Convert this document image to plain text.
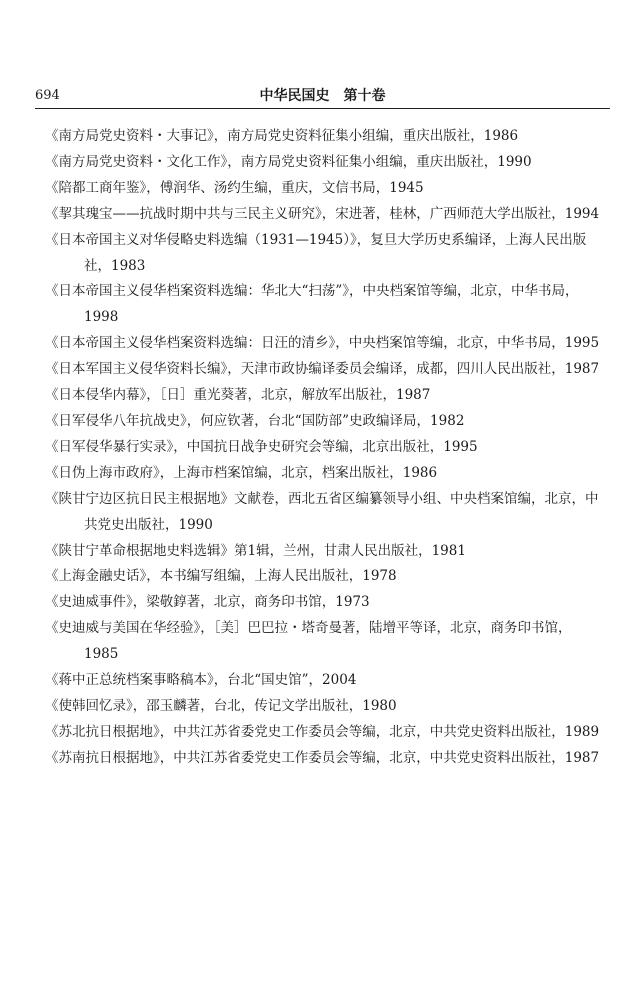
694	中华民国史　第十卷

《南方局党史资料・大事记》，南方局党史资料征集小组编，重庆出版社，1986

《南方局党史资料・文化工作》，南方局党史资料征集小组编，重庆出版社，1990

《陪都工商年鉴》，傅润华、汤约生编，重庆，文信书局，1945

《挈其瑰宝——抗战时期中共与三民主义研究》，宋进著，桂林，广西师范大学出版社，1994

《日本帝国主义对华侵略史料选编（1931—1945）》，复旦大学历史系编译，上海人民出版社，1983

《日本帝国主义侵华档案资料选编：华北大“扫荡”》，中央档案馆等编，北京，中华书局，1998

《日本帝国主义侵华档案资料选编：日汪的清乡》，中央档案馆等编，北京，中华书局，1995

《日本军国主义侵华资料长编》，天津市政协编译委员会编译，成都，四川人民出版社，1987

《日本侵华内幕》，［日］重光葵著，北京，解放军出版社，1987

《日军侵华八年抗战史》，何应钦著，台北“国防部”史政编译局，1982

《日军侵华暴行实录》，中国抗日战争史研究会等编，北京出版社，1995

《日伪上海市政府》，上海市档案馆编，北京，档案出版社，1986

《陕甘宁边区抗日民主根据地》文献卷，西北五省区编纂领导小组、中央档案馆编，北京，中共党史出版社，1990

《陕甘宁革命根据地史料选辑》第1辑，兰州，甘肃人民出版社，1981

《上海金融史话》，本书编写组编，上海人民出版社，1978

《史迪威事件》，梁敬錞著，北京，商务印书馆，1973

《史迪威与美国在华经验》，［美］巴巴拉・塔奇曼著，陆增平等译，北京，商务印书馆，1985

《蒋中正总统档案事略稿本》，台北“国史馆”，2004

《使韩回忆录》，邵玉麟著，台北，传记文学出版社，1980

《苏北抗日根据地》，中共江苏省委党史工作委员会等编，北京，中共党史资料出版社，1989

《苏南抗日根据地》，中共江苏省委党史工作委员会等编，北京，中共党史资料出版社，1987
